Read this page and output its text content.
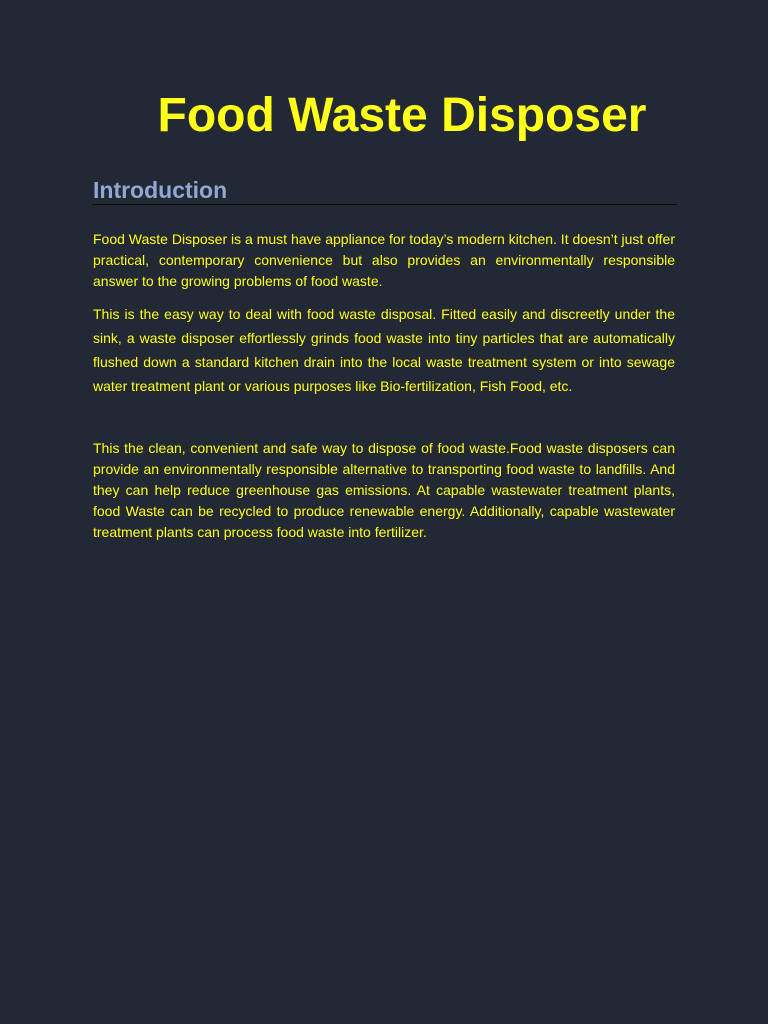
Food Waste Disposer
Introduction

Food Waste Disposer is a must have appliance for today’s modern kitchen. It doesn’t just offer practical, contemporary convenience but also provides an environmentally responsible answer to the growing problems of food waste.

This is the easy way to deal with food waste disposal. Fitted easily and discreetly under the sink, a waste disposer effortlessly grinds food waste into tiny particles that are automatically flushed down a standard kitchen drain into the local waste treatment system or into sewage water treatment plant or various purposes like Bio-fertilization, Fish Food, etc.

This the clean, convenient and safe way to dispose of food waste.Food waste disposers can provide an environmentally responsible alternative to transporting food waste to landfills. And they can help reduce greenhouse gas emissions. At capable wastewater treatment plants, food Waste can be recycled to produce renewable energy. Additionally, capable wastewater treatment plants can process food waste into fertilizer.
